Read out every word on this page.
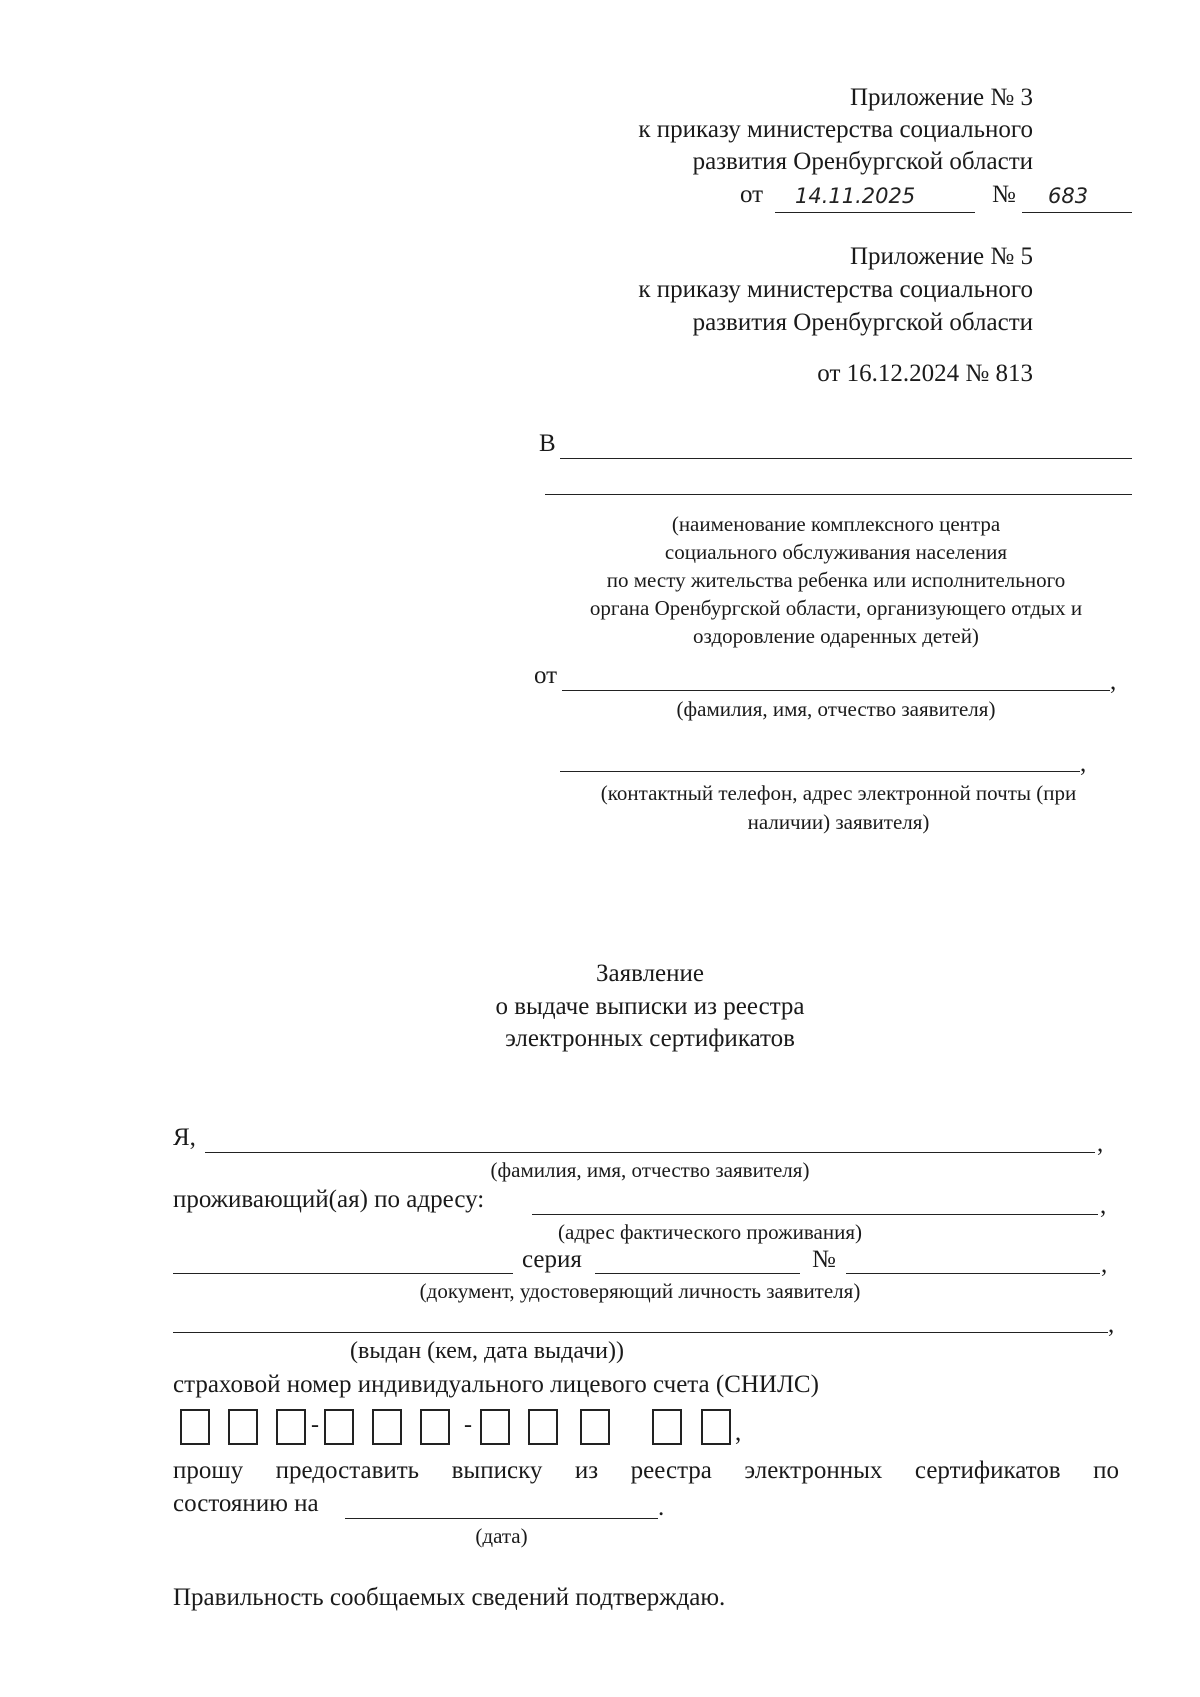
Приложение № 3
к приказу министерства социального
развития Оренбургской области
от 14.11.2025	№ 683
Приложение № 5
к приказу министерства социального
развития Оренбургской области
от 16.12.2024 № 813
В
(наименование комплексного центра
социального обслуживания населения
по месту жительства ребенка или исполнительного
органа Оренбургской области, организующего отдых и
оздоровление одаренных детей)
от	,
(фамилия, имя, отчество заявителя)
,
(контактный телефон, адрес электронной почты (при
наличии) заявителя)
Заявление
о выдаче выписки из реестра
электронных сертификатов
Я,	,
(фамилия, имя, отчество заявителя)
проживающий(ая) по адресу:	,
(адрес фактического проживания)
серия	№	,
(документ, удостоверяющий личность заявителя)
,
(выдан (кем, дата выдачи))
страховой номер индивидуального лицевого счета (СНИЛС)
-	-	,
прошу предоставить выписку из реестра электронных сертификатов по
состоянию на	.
(дата)
Правильность сообщаемых сведений подтверждаю.
